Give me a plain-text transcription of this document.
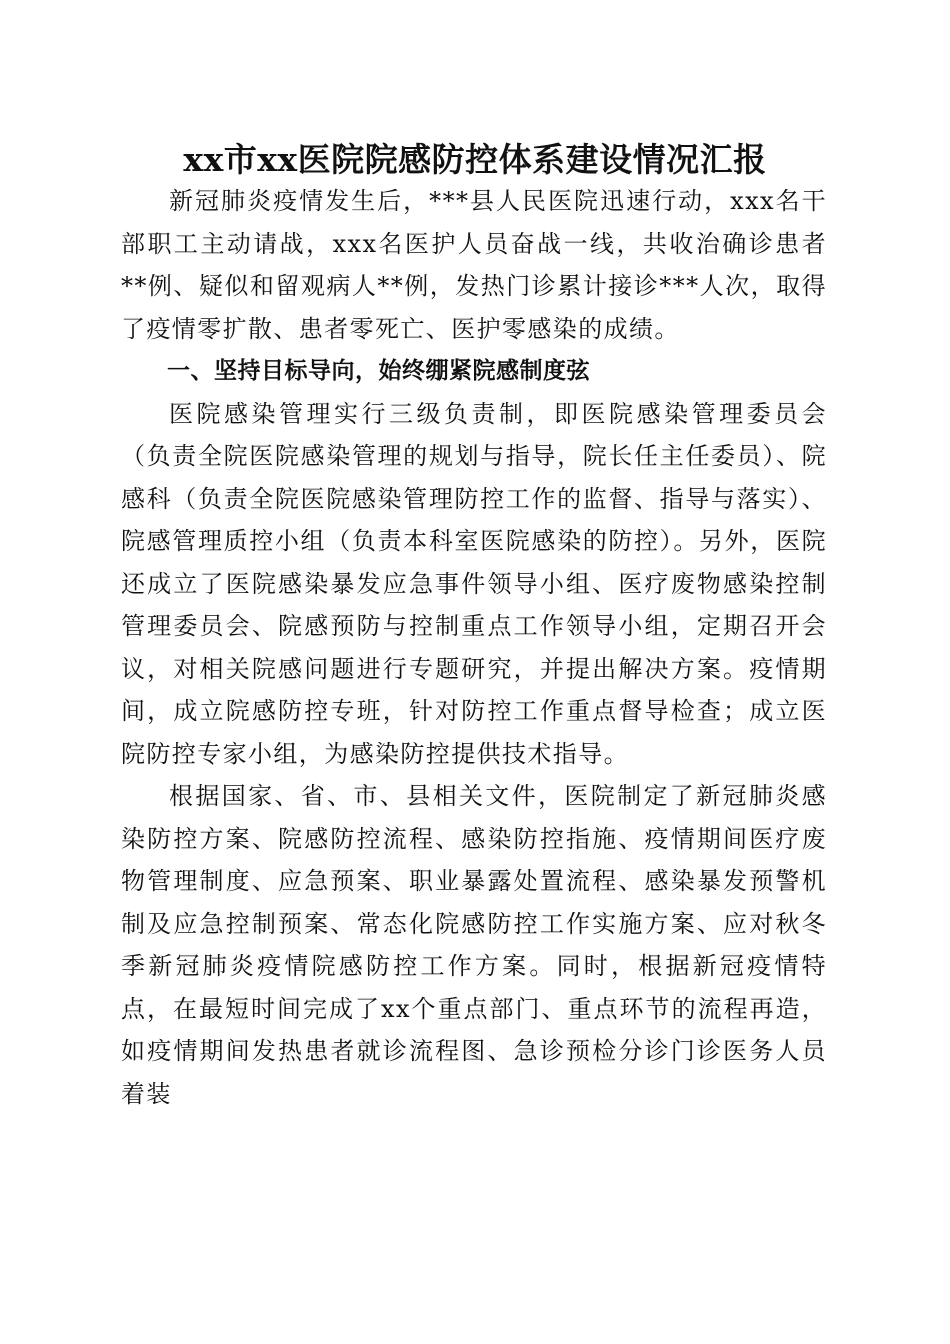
xx市xx医院院感防控体系建设情况汇报

新冠肺炎疫情发生后，***县人民医院迅速行动，xxx名干部职工主动请战，xxx名医护人员奋战一线，共收治确诊患者**例、疑似和留观病人**例，发热门诊累计接诊***人次，取得了疫情零扩散、患者零死亡、医护零感染的成绩。

一、坚持目标导向，始终绷紧院感制度弦

医院感染管理实行三级负责制，即医院感染管理委员会（负责全院医院感染管理的规划与指导，院长任主任委员）、院感科（负责全院医院感染管理防控工作的监督、指导与落实）、院感管理质控小组（负责本科室医院感染的防控）。另外，医院还成立了医院感染暴发应急事件领导小组、医疗废物感染控制管理委员会、院感预防与控制重点工作领导小组，定期召开会议，对相关院感问题进行专题研究，并提出解决方案。疫情期间，成立院感防控专班，针对防控工作重点督导检查；成立医院防控专家小组，为感染防控提供技术指导。

根据国家、省、市、县相关文件，医院制定了新冠肺炎感染防控方案、院感防控流程、感染防控指施、疫情期间医疗废物管理制度、应急预案、职业暴露处置流程、感染暴发预警机制及应急控制预案、常态化院感防控工作实施方案、应对秋冬季新冠肺炎疫情院感防控工作方案。同时，根据新冠疫情特点，在最短时间完成了xx个重点部门、重点环节的流程再造，如疫情期间发热患者就诊流程图、急诊预检分诊门诊医务人员着装
